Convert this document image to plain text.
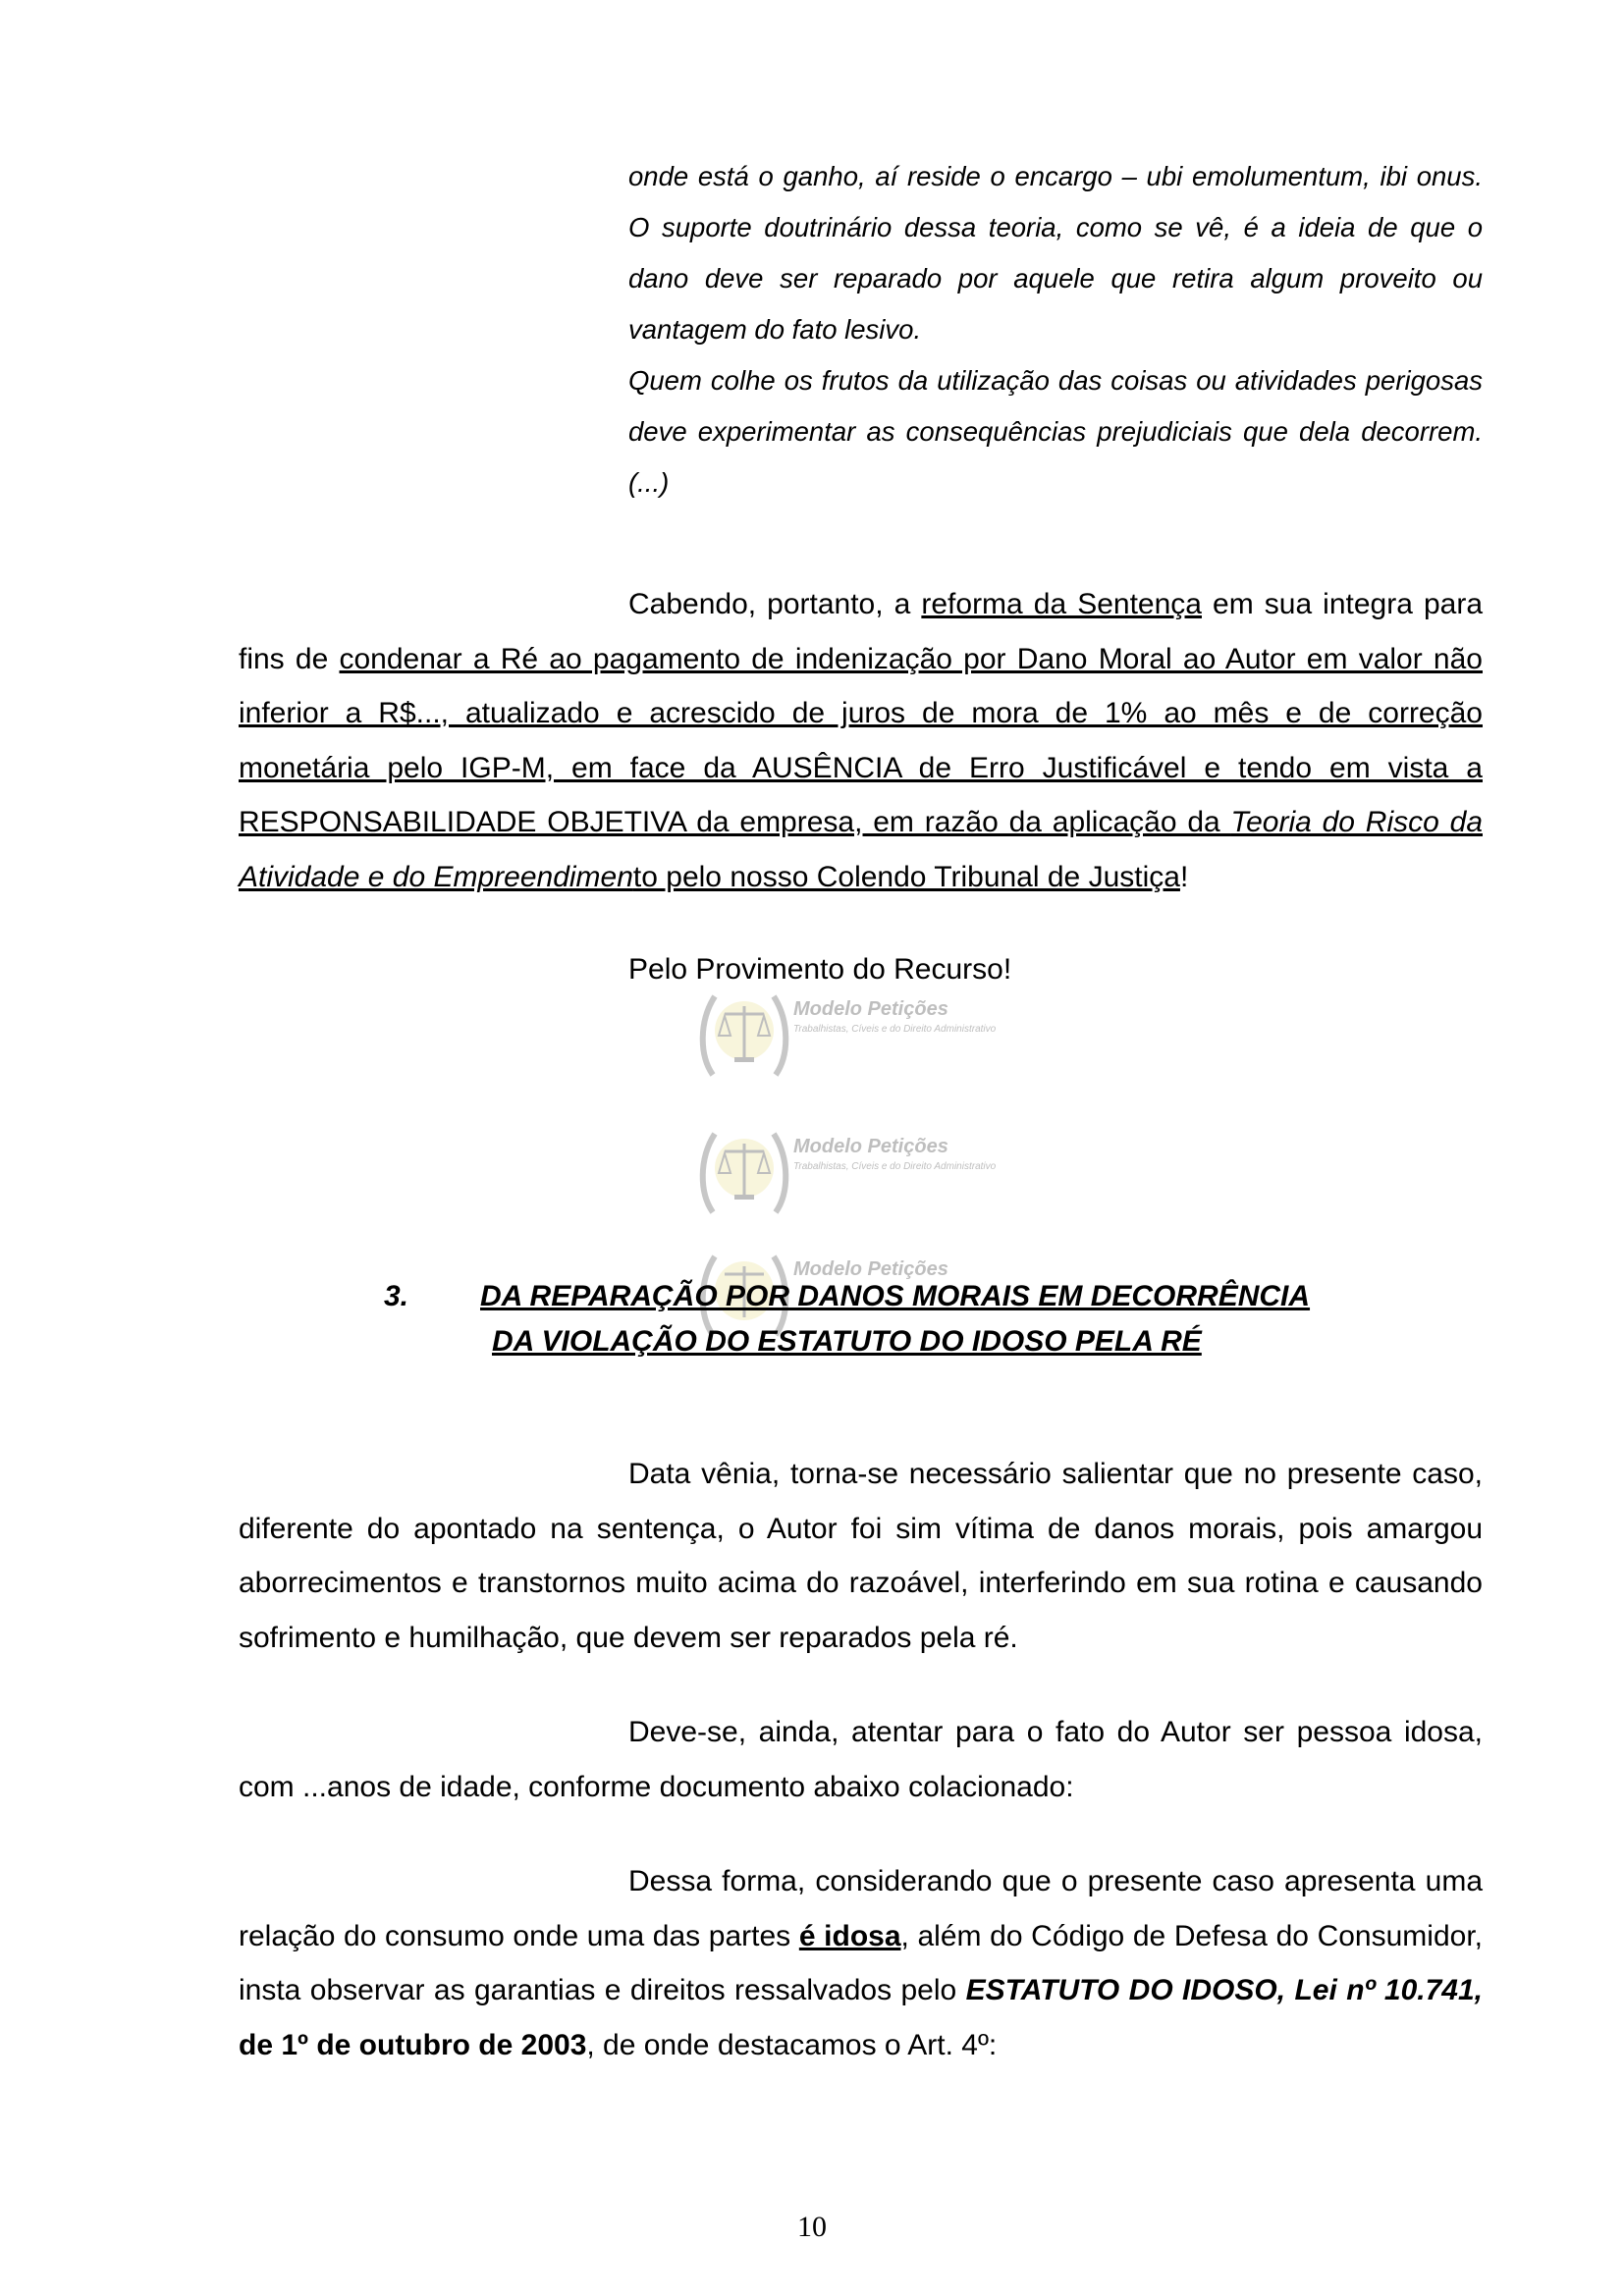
onde está o ganho, aí reside o encargo – ubi emolumentum, ibi onus. O suporte doutrinário dessa teoria, como se vê, é a ideia de que o dano deve ser reparado por aquele que retira algum proveito ou vantagem do fato lesivo.

Quem colhe os frutos da utilização das coisas ou atividades perigosas deve experimentar as consequências prejudiciais que dela decorrem. (...)

Cabendo, portanto, a reforma da Sentença em sua integra para fins de condenar a Ré ao pagamento de indenização por Dano Moral ao Autor em valor não inferior a R$..., atualizado e acrescido de juros de mora de 1% ao mês e de correção monetária pelo IGP-M, em face da AUSÊNCIA de Erro Justificável e tendo em vista a RESPONSABILIDADE OBJETIVA da empresa, em razão da aplicação da Teoria do Risco da Atividade e do Empreendimento pelo nosso Colendo Tribunal de Justiça!

Pelo Provimento do Recurso!

Modelo Petições
Trabalhistas, Cíveis e do Direito Administrativo
Modelo Petições
Trabalhistas, Cíveis e do Direito Administrativo
Modelo Petições
3. DA REPARAÇÃO POR DANOS MORAIS EM DECORRÊNCIA
DA VIOLAÇÃO DO ESTATUTO DO IDOSO PELA RÉ

Data vênia, torna-se necessário salientar que no presente caso, diferente do apontado na sentença, o Autor foi sim vítima de danos morais, pois amargou aborrecimentos e transtornos muito acima do razoável, interferindo em sua rotina e causando sofrimento e humilhação, que devem ser reparados pela ré.

Deve-se, ainda, atentar para o fato do Autor ser pessoa idosa, com ...anos de idade, conforme documento abaixo colacionado:

Dessa forma, considerando que o presente caso apresenta uma relação do consumo onde uma das partes é idosa, além do Código de Defesa do Consumidor, insta observar as garantias e direitos ressalvados pelo ESTATUTO DO IDOSO, Lei nº 10.741, de 1º de outubro de 2003, de onde destacamos o Art. 4º:

10
